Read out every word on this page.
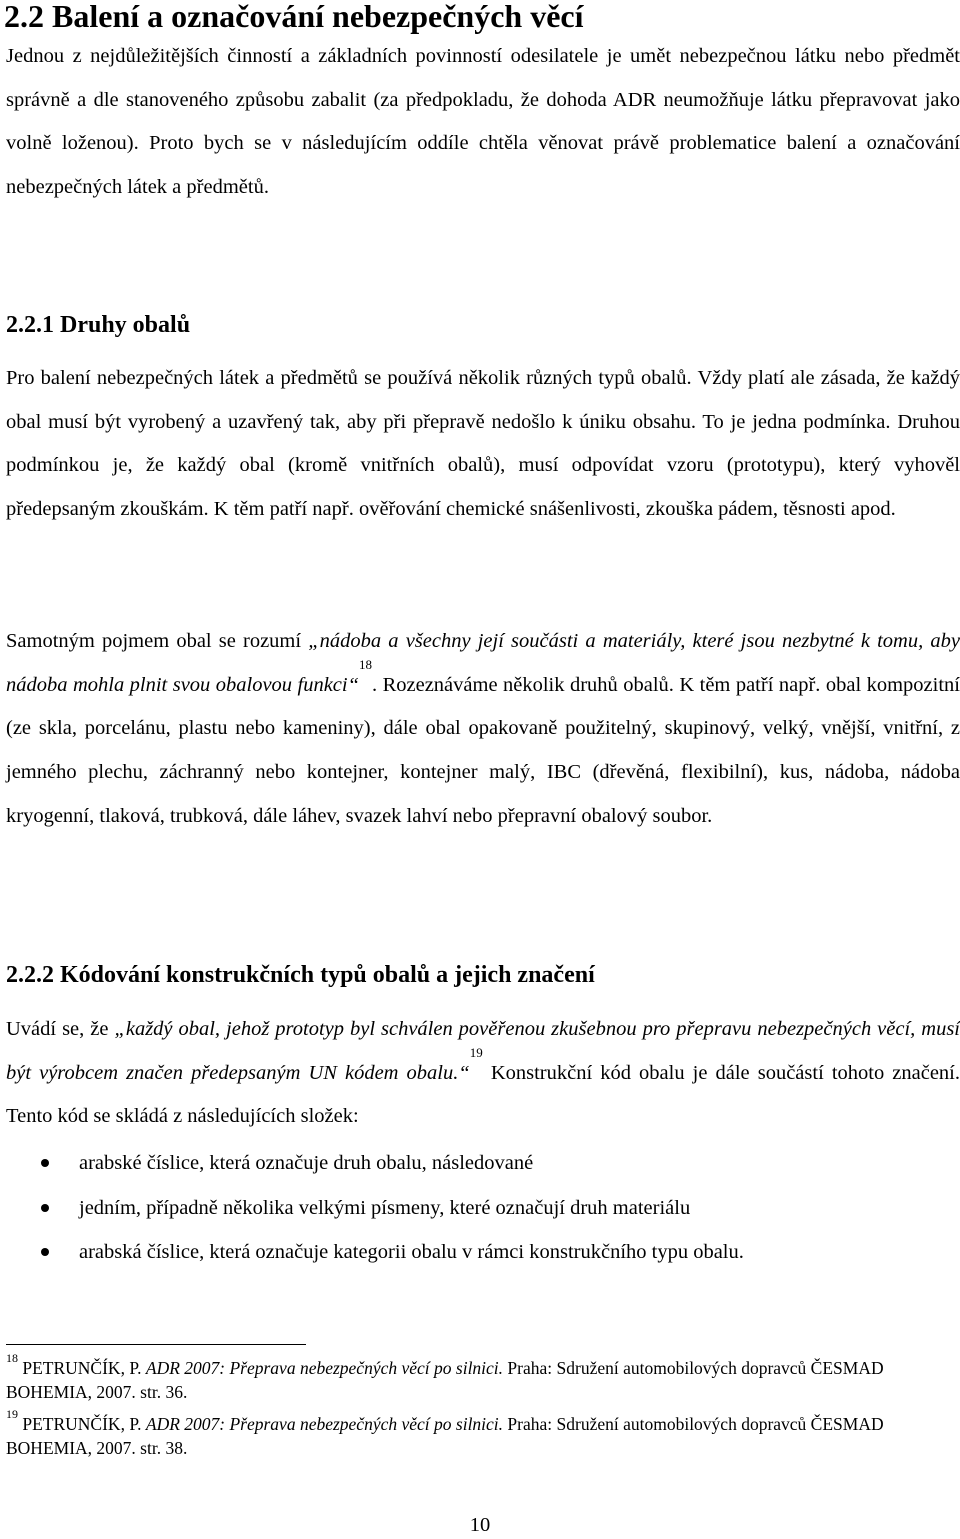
2.2 Balení a označování nebezpečných věcí

Jednou z nejdůležitějších činností a základních povinností odesilatele je umět nebezpečnou látku nebo předmět správně a dle stanoveného způsobu zabalit (za předpokladu, že dohoda ADR neumožňuje látku přepravovat jako volně loženou). Proto bych se v následujícím oddíle chtěla věnovat právě problematice balení a označování nebezpečných látek a předmětů.

2.2.1 Druhy obalů

Pro balení nebezpečných látek a předmětů se používá několik různých typů obalů. Vždy platí ale zásada, že každý obal musí být vyrobený a uzavřený tak, aby při přepravě nedošlo k úniku obsahu. To je jedna podmínka. Druhou podmínkou je, že každý obal (kromě vnitřních obalů), musí odpovídat vzoru (prototypu), který vyhověl předepsaným zkouškám. K těm patří např. ověřování chemické snášenlivosti, zkouška pádem, těsnosti apod.

Samotným pojmem obal se rozumí „nádoba a všechny její součásti a materiály, které jsou nezbytné k tomu, aby nádoba mohla plnit svou obalovou funkci“$^{18}$. Rozeznáváme několik druhů obalů. K těm patří např. obal kompozitní (ze skla, porcelánu, plastu nebo kameniny), dále obal opakovaně použitelný, skupinový, velký, vnější, vnitřní, z jemného plechu, záchranný nebo kontejner, kontejner malý, IBC (dřevěná, flexibilní), kus, nádoba, nádoba kryogenní, tlaková, trubková, dále láhev, svazek lahví nebo přepravní obalový soubor.

2.2.2 Kódování konstrukčních typů obalů a jejich značení

Uvádí se, že „každý obal, jehož prototyp byl schválen pověřenou zkušebnou pro přepravu nebezpečných věcí, musí být výrobcem značen předepsaným UN kódem obalu.“$^{19}$ Konstrukční kód obalu je dále součástí tohoto značení. Tento kód se skládá z následujících složek:

arabské číslice, která označuje druh obalu, následované
jedním, případně několika velkými písmeny, které označují druh materiálu
arabská číslice, která označuje kategorii obalu v rámci konstrukčního typu obalu.

$^{18}$ PETRUNČÍK, P. ADR 2007: Přeprava nebezpečných věcí po silnici. Praha: Sdružení automobilových dopravců ČESMAD BOHEMIA, 2007. str. 36.

$^{19}$ PETRUNČÍK, P. ADR 2007: Přeprava nebezpečných věcí po silnici. Praha: Sdružení automobilových dopravců ČESMAD BOHEMIA, 2007. str. 38.

10
